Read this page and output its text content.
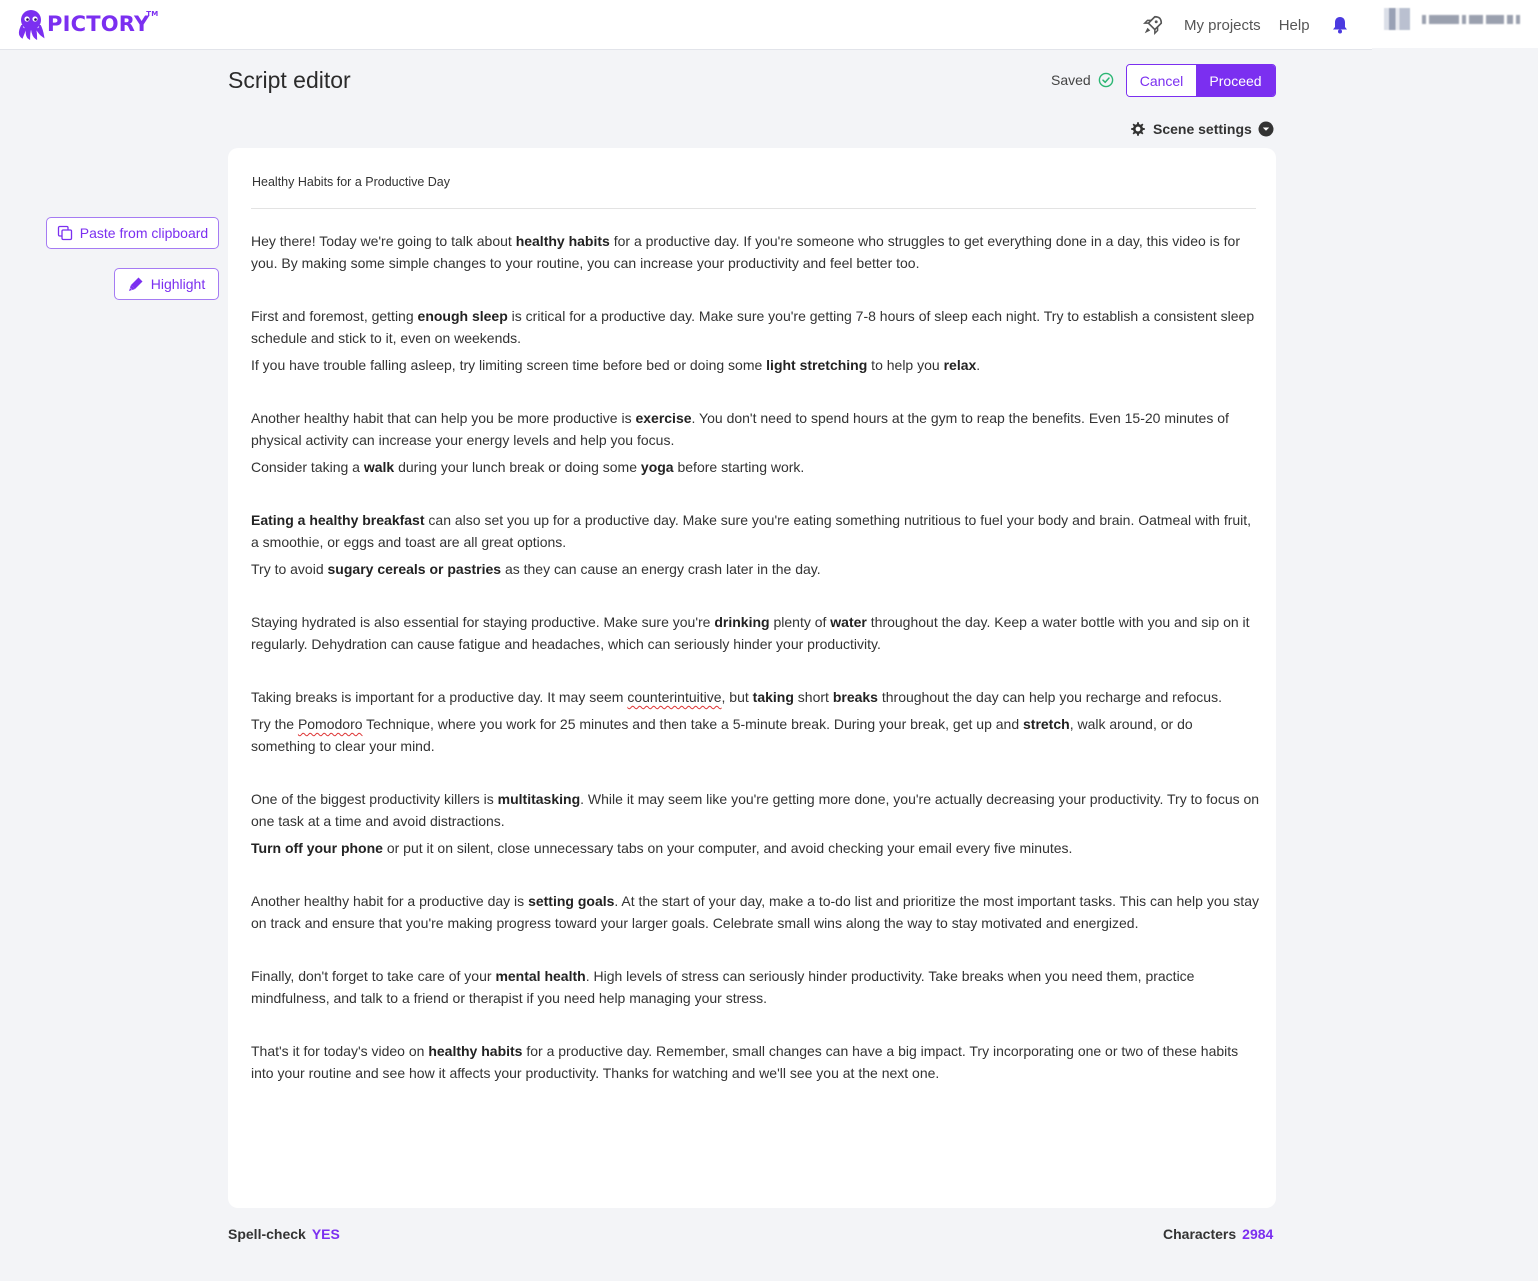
PICTORY
TM
My projects Help
Script editor	Saved	Cancel	Proceed
Scene settings
Paste from clipboard
Highlight
Healthy Habits for a Productive Day
Hey there! Today we're going to talk about healthy habits for a productive day. If you're someone who struggles to get everything done in a day, this video is for you. By making some simple changes to your routine, you can increase your productivity and feel better too.
First and foremost, getting enough sleep is critical for a productive day. Make sure you're getting 7-8 hours of sleep each night. Try to establish a consistent sleep schedule and stick to it, even on weekends.
If you have trouble falling asleep, try limiting screen time before bed or doing some light stretching to help you relax.
Another healthy habit that can help you be more productive is exercise. You don't need to spend hours at the gym to reap the benefits. Even 15-20 minutes of physical activity can increase your energy levels and help you focus.
Consider taking a walk during your lunch break or doing some yoga before starting work.
Eating a healthy breakfast can also set you up for a productive day. Make sure you're eating something nutritious to fuel your body and brain. Oatmeal with fruit, a smoothie, or eggs and toast are all great options.
Try to avoid sugary cereals or pastries as they can cause an energy crash later in the day.
Staying hydrated is also essential for staying productive. Make sure you're drinking plenty of water throughout the day. Keep a water bottle with you and sip on it regularly. Dehydration can cause fatigue and headaches, which can seriously hinder your productivity.
Taking breaks is important for a productive day. It may seem counterintuitive, but taking short breaks throughout the day can help you recharge and refocus.
Try the Pomodoro Technique, where you work for 25 minutes and then take a 5-minute break. During your break, get up and stretch, walk around, or do something to clear your mind.
One of the biggest productivity killers is multitasking. While it may seem like you're getting more done, you're actually decreasing your productivity. Try to focus on one task at a time and avoid distractions.
Turn off your phone or put it on silent, close unnecessary tabs on your computer, and avoid checking your email every five minutes.
Another healthy habit for a productive day is setting goals. At the start of your day, make a to-do list and prioritize the most important tasks. This can help you stay on track and ensure that you're making progress toward your larger goals. Celebrate small wins along the way to stay motivated and energized.
Finally, don't forget to take care of your mental health. High levels of stress can seriously hinder productivity. Take breaks when you need them, practice mindfulness, and talk to a friend or therapist if you need help managing your stress.
That's it for today's video on healthy habits for a productive day. Remember, small changes can have a big impact. Try incorporating one or two of these habits into your routine and see how it affects your productivity. Thanks for watching and we'll see you at the next one.
Spell-check YES	Characters 2984
